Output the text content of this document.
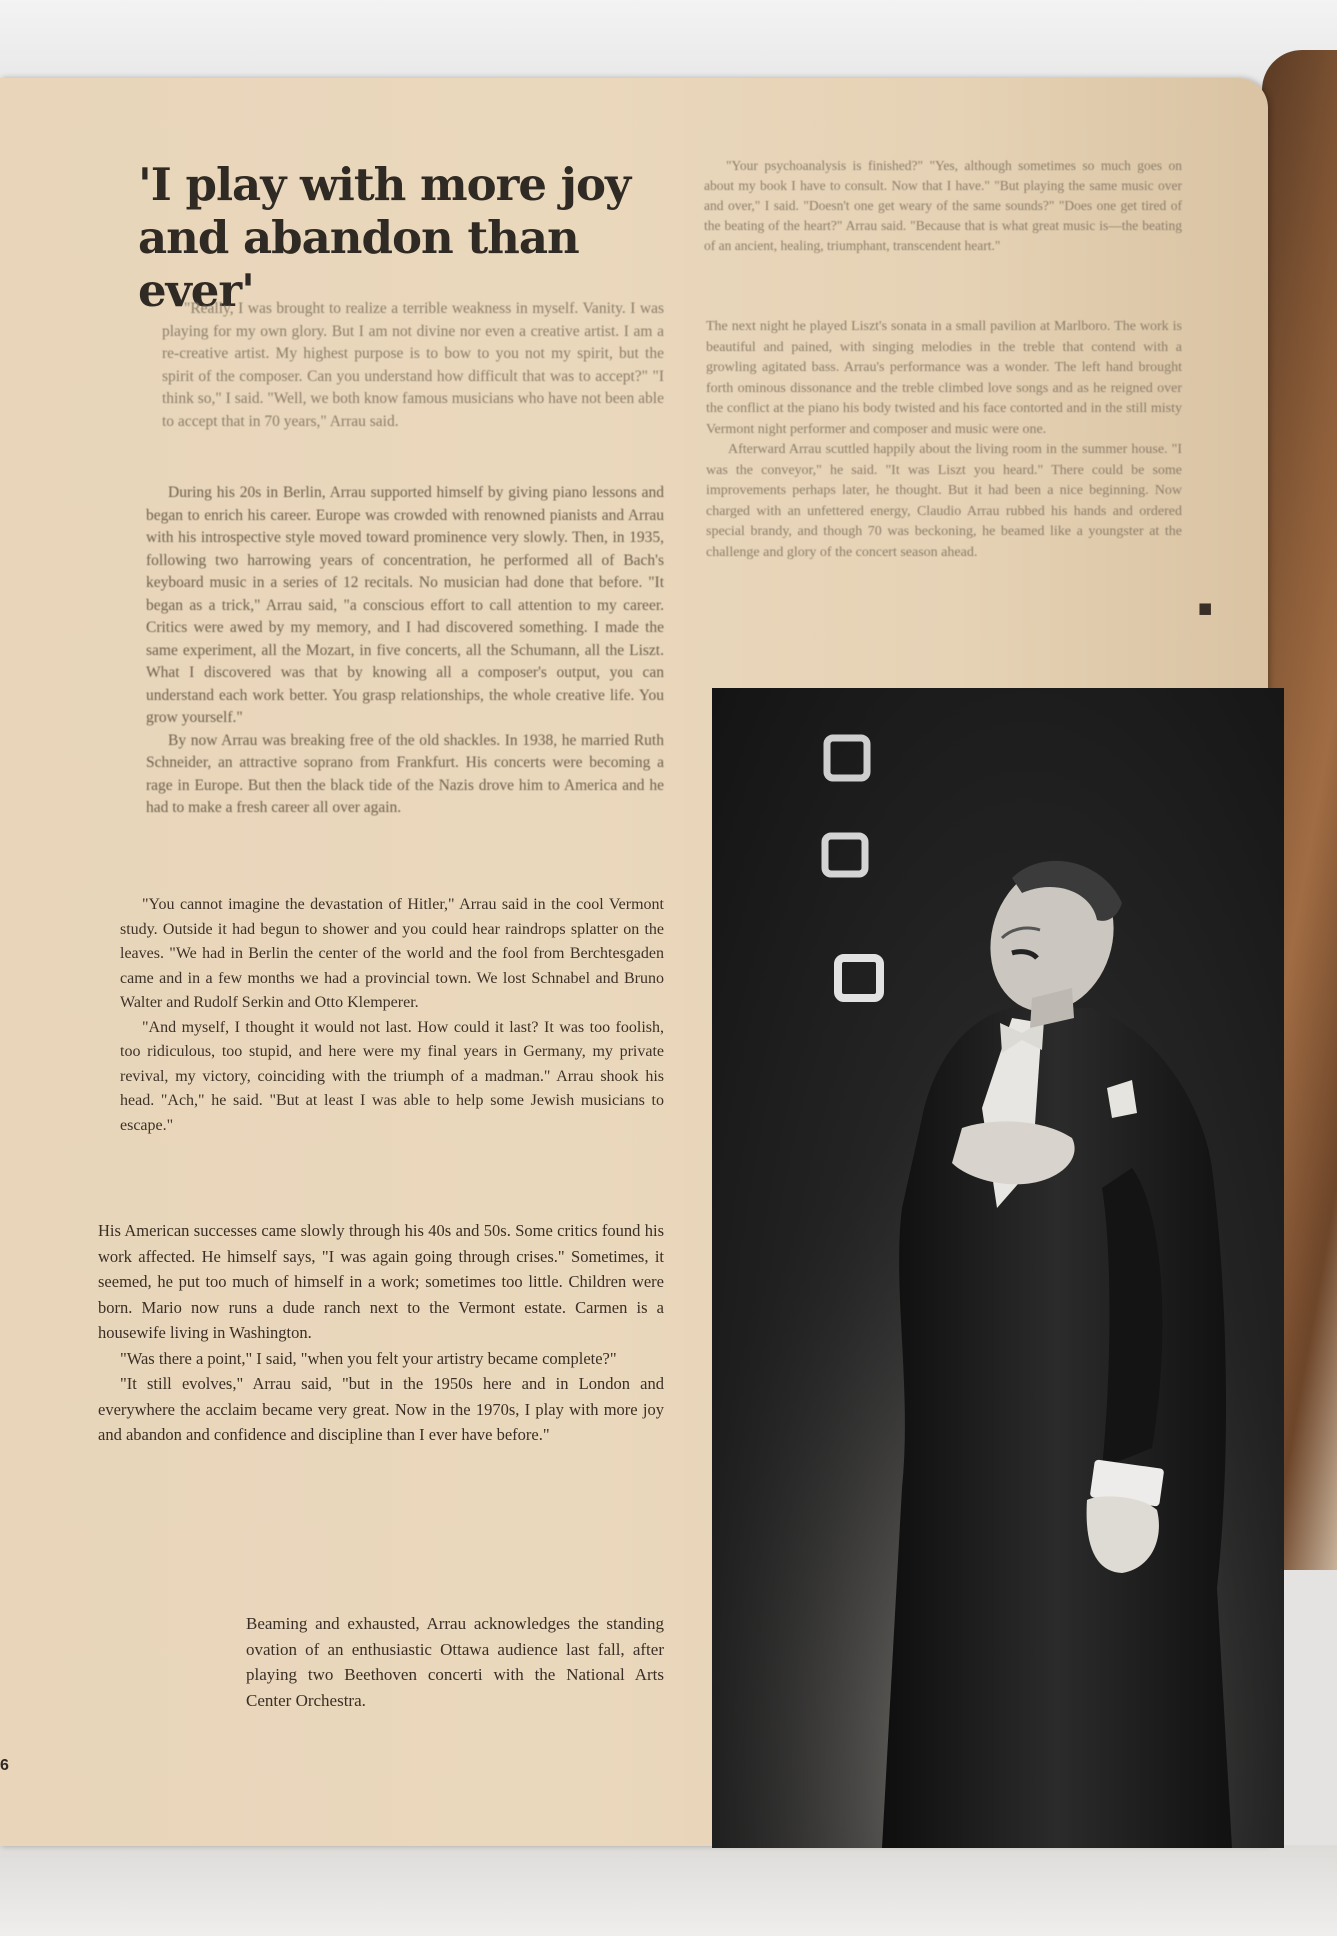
'I play with more joy and abandon than ever'

"Really, I was brought to realize a terrible weakness in myself. Vanity. I was playing for my own glory. But I am not divine nor even a creative artist. I am a re-creative artist. My highest purpose is to bow to you not my spirit, but the spirit of the composer. Can you understand how difficult that was to accept?" "I think so," I said. "Well, we both know famous musicians who have not been able to accept that in 70 years," Arrau said.

During his 20s in Berlin, Arrau supported himself by giving piano lessons and began to enrich his career. Europe was crowded with renowned pianists and Arrau with his introspective style moved toward prominence very slowly. Then, in 1935, following two harrowing years of concentration, he performed all of Bach's keyboard music in a series of 12 recitals. No musician had done that before. "It began as a trick," Arrau said, "a conscious effort to call attention to my career. Critics were awed by my memory, and I had discovered something. I made the same experiment, all the Mozart, in five concerts, all the Schumann, all the Liszt. What I discovered was that by knowing all a composer's output, you can understand each work better. You grasp relationships, the whole creative life. You grow yourself."

By now Arrau was breaking free of the old shackles. In 1938, he married Ruth Schneider, an attractive soprano from Frankfurt. His concerts were becoming a rage in Europe. But then the black tide of the Nazis drove him to America and he had to make a fresh career all over again.

"You cannot imagine the devastation of Hitler," Arrau said in the cool Vermont study. Outside it had begun to shower and you could hear raindrops splatter on the leaves. "We had in Berlin the center of the world and the fool from Berchtesgaden came and in a few months we had a provincial town. We lost Schnabel and Bruno Walter and Rudolf Serkin and Otto Klemperer.

"And myself, I thought it would not last. How could it last? It was too foolish, too ridiculous, too stupid, and here were my final years in Germany, my private revival, my victory, coinciding with the triumph of a madman." Arrau shook his head. "Ach," he said. "But at least I was able to help some Jewish musicians to escape."

His American successes came slowly through his 40s and 50s. Some critics found his work affected. He himself says, "I was again going through crises." Sometimes, it seemed, he put too much of himself in a work; sometimes too little. Children were born. Mario now runs a dude ranch next to the Vermont estate. Carmen is a housewife living in Washington.

"Was there a point," I said, "when you felt your artistry became complete?"

"It still evolves," Arrau said, "but in the 1950s here and in London and everywhere the acclaim became very great. Now in the 1970s, I play with more joy and abandon and confidence and discipline than I ever have before."

"Your psychoanalysis is finished?" "Yes, although sometimes so much goes on about my book I have to consult. Now that I have." "But playing the same music over and over," I said. "Doesn't one get weary of the same sounds?" "Does one get tired of the beating of the heart?" Arrau said. "Because that is what great music is—the beating of an ancient, healing, triumphant, transcendent heart."

The next night he played Liszt's sonata in a small pavilion at Marlboro. The work is beautiful and pained, with singing melodies in the treble that contend with a growling agitated bass. Arrau's performance was a wonder. The left hand brought forth ominous dissonance and the treble climbed love songs and as he reigned over the conflict at the piano his body twisted and his face contorted and in the still misty Vermont night performer and composer and music were one.

Afterward Arrau scuttled happily about the living room in the summer house. "I was the conveyor," he said. "It was Liszt you heard." There could be some improvements perhaps later, he thought. But it had been a nice beginning. Now charged with an unfettered energy, Claudio Arrau rubbed his hands and ordered special brandy, and though 70 was beckoning, he beamed like a youngster at the challenge and glory of the concert season ahead.

■
Beaming and exhausted, Arrau acknowledges the standing ovation of an enthusiastic Ottawa audience last fall, after playing two Beethoven concerti with the National Arts Center Orchestra.
6
